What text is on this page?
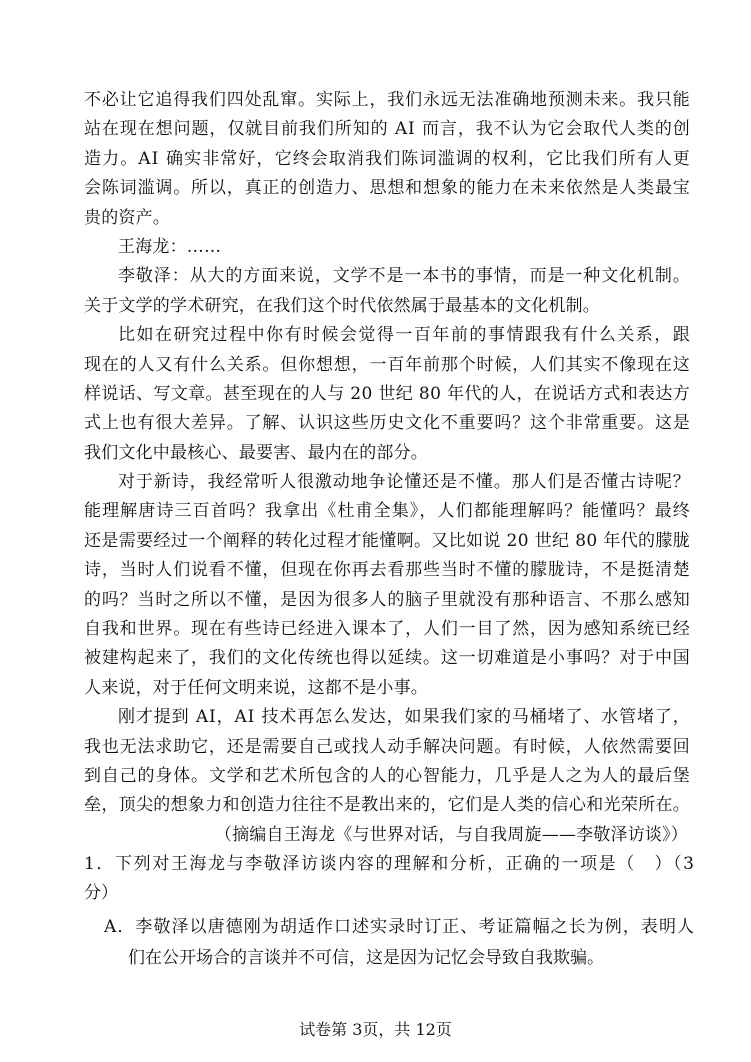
不必让它追得我们四处乱窜。实际上，我们永远无法准确地预测未来。我只能
站在现在想问题，仅就目前我们所知的 AI 而言，我不认为它会取代人类的创
造力。AI 确实非常好，它终会取消我们陈词滥调的权利，它比我们所有人更
会陈词滥调。所以，真正的创造力、思想和想象的能力在未来依然是人类最宝
贵的资产。
王海龙：……
李敬泽：从大的方面来说，文学不是一本书的事情，而是一种文化机制。
关于文学的学术研究，在我们这个时代依然属于最基本的文化机制。
比如在研究过程中你有时候会觉得一百年前的事情跟我有什么关系，跟
现在的人又有什么关系。但你想想，一百年前那个时候，人们其实不像现在这
样说话、写文章。甚至现在的人与 20 世纪 80 年代的人，在说话方式和表达方
式上也有很大差异。了解、认识这些历史文化不重要吗？这个非常重要。这是
我们文化中最核心、最要害、最内在的部分。
对于新诗，我经常听人很激动地争论懂还是不懂。那人们是否懂古诗呢？
能理解唐诗三百首吗？我拿出《杜甫全集》，人们都能理解吗？能懂吗？最终
还是需要经过一个阐释的转化过程才能懂啊。又比如说 20 世纪 80 年代的朦胧
诗，当时人们说看不懂，但现在你再去看那些当时不懂的朦胧诗，不是挺清楚
的吗？当时之所以不懂，是因为很多人的脑子里就没有那种语言、不那么感知
自我和世界。现在有些诗已经进入课本了，人们一目了然，因为感知系统已经
被建构起来了，我们的文化传统也得以延续。这一切难道是小事吗？对于中国
人来说，对于任何文明来说，这都不是小事。
刚才提到 AI，AI 技术再怎么发达，如果我们家的马桶堵了、水管堵了，
我也无法求助它，还是需要自己或找人动手解决问题。有时候，人依然需要回
到自己的身体。文学和艺术所包含的人的心智能力，几乎是人之为人的最后堡
垒，顶尖的想象力和创造力往往不是教出来的，它们是人类的信心和光荣所在。
（摘编自王海龙《与世界对话，与自我周旋——李敬泽访谈》）
1．下列对王海龙与李敬泽访谈内容的理解和分析，正确的一项是（　）（3
分）
A．李敬泽以唐德刚为胡适作口述实录时订正、考证篇幅之长为例，表明人
们在公开场合的言谈并不可信，这是因为记忆会导致自我欺骗。
试卷第 3页，共 12页
